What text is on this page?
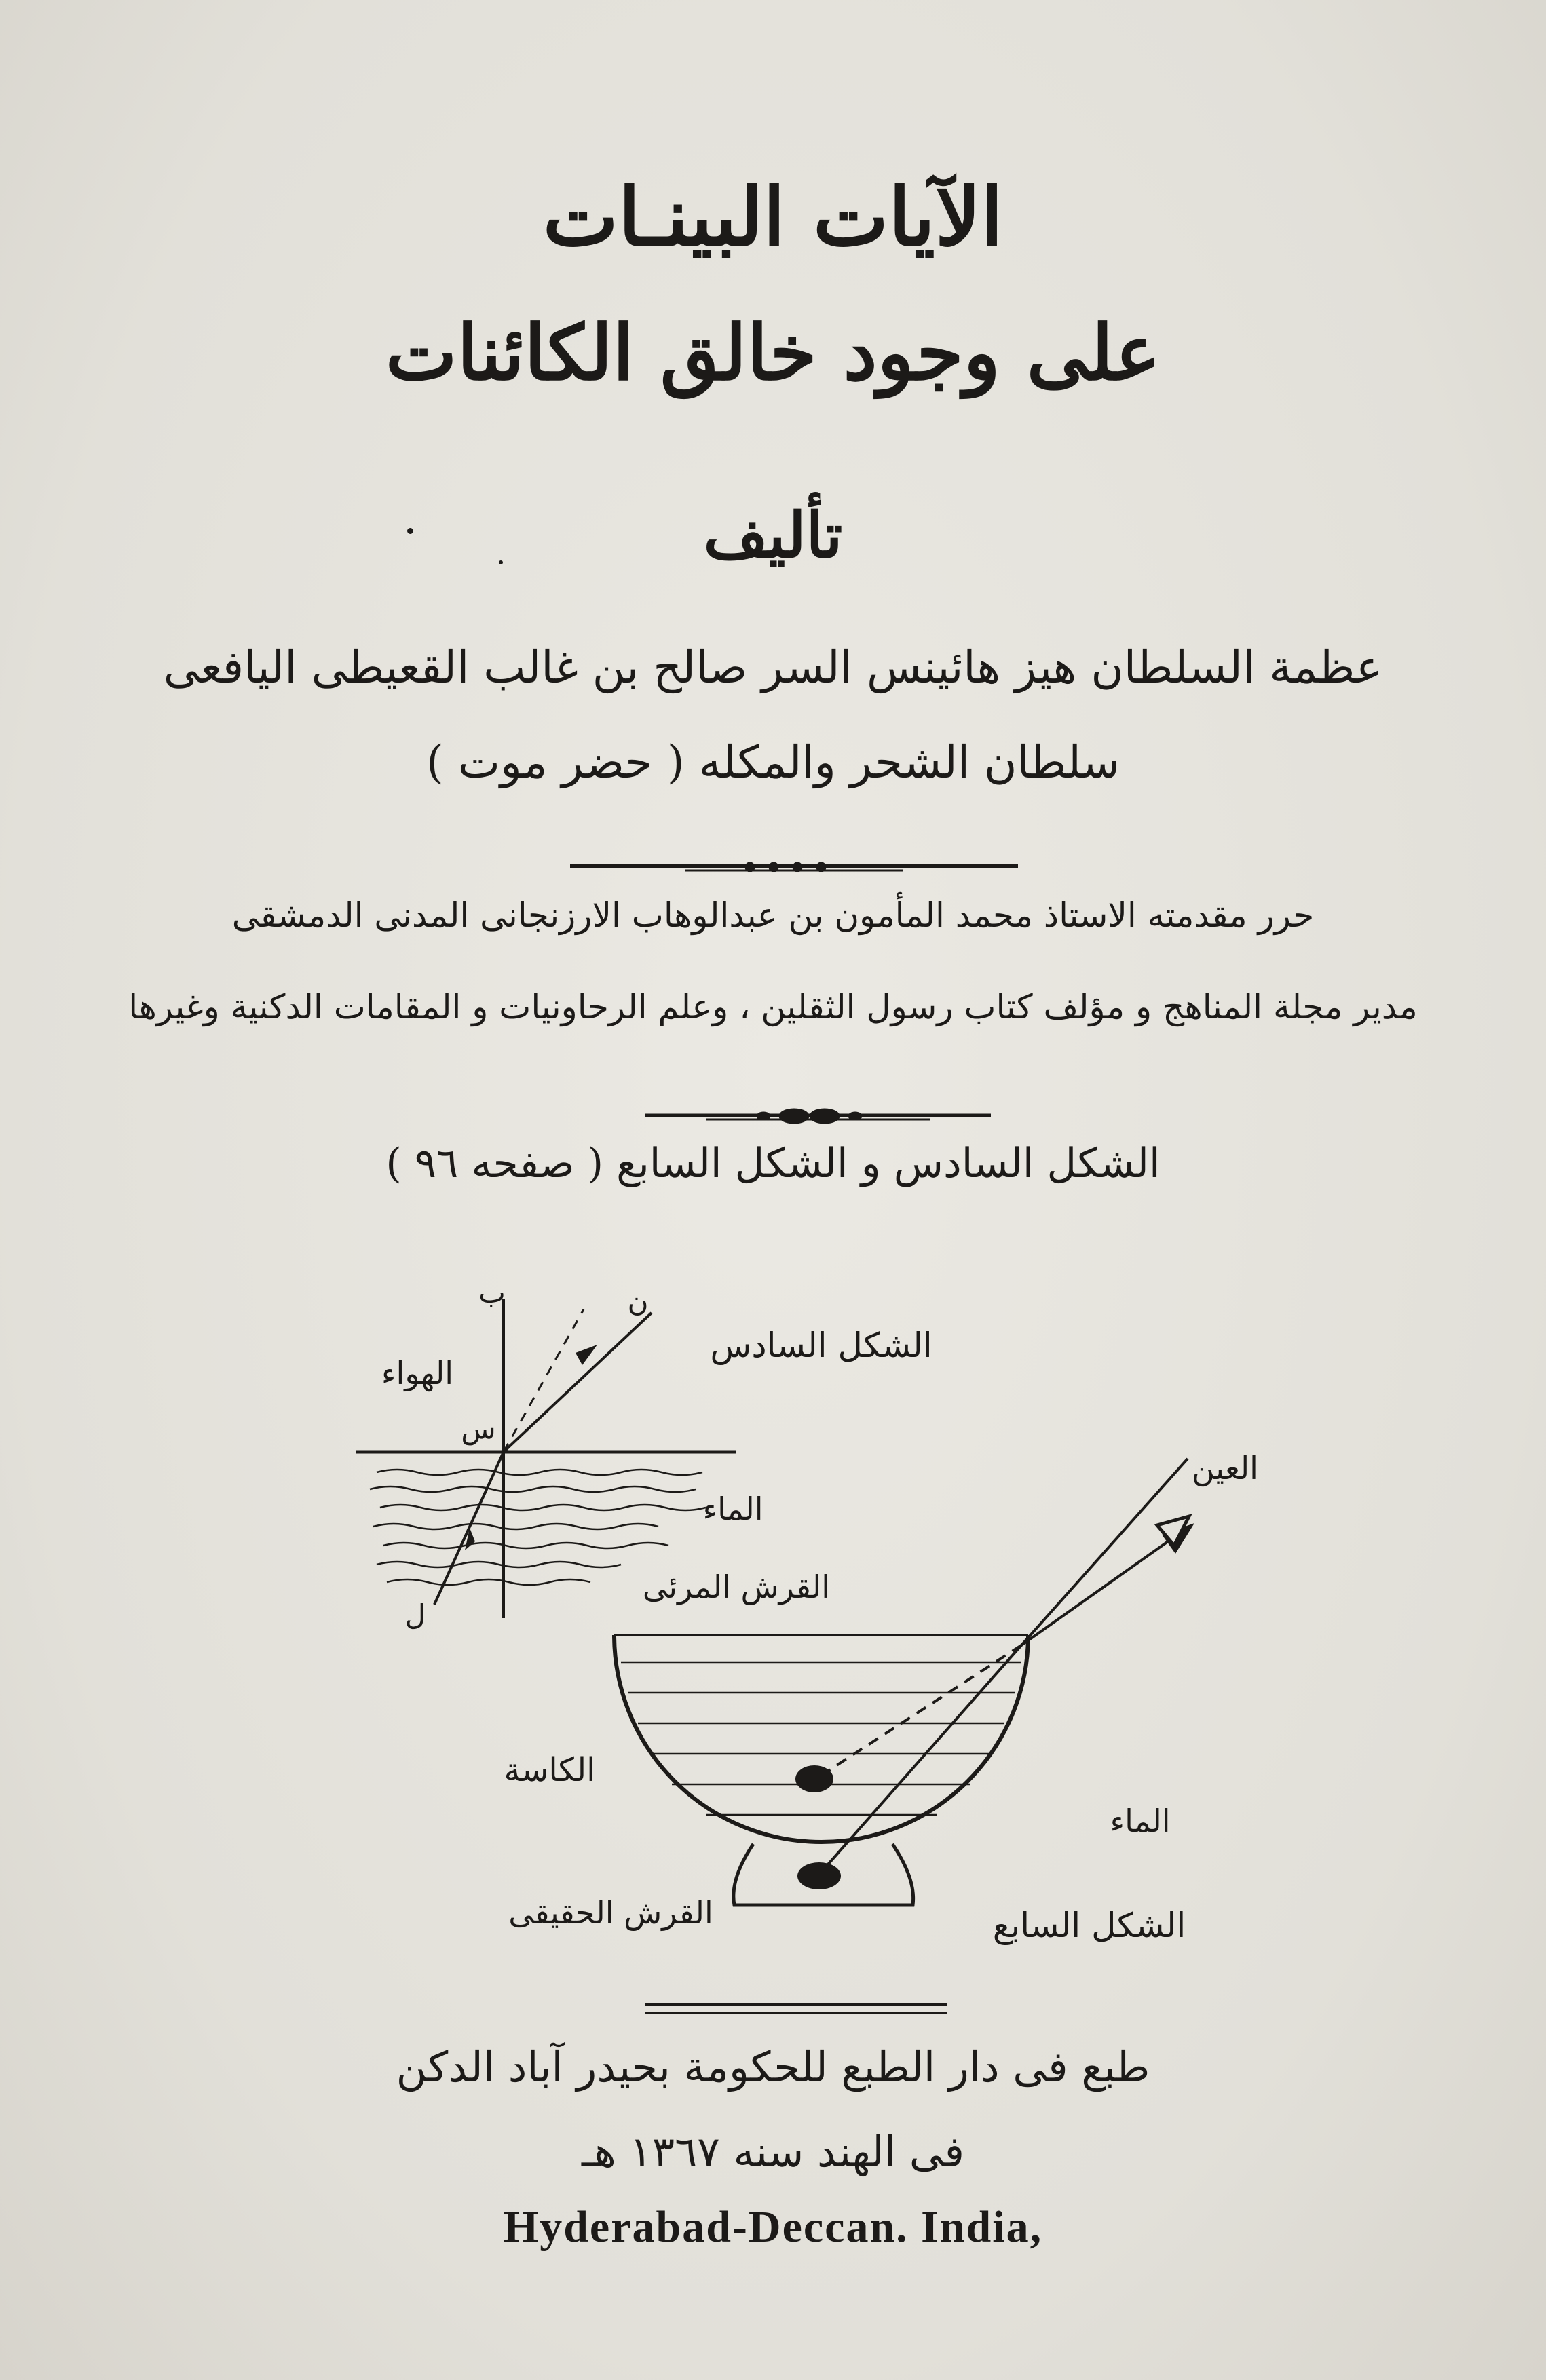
الآيات البينـات
على وجود خالق الكائنات
تأليف
عظمة السلطان هيز هائينس السر صالح بن غالب القعيطى اليافعى
سلطان الشحر والمكله ( حضر موت )
حرر مقدمته الاستاذ محمد المأمون بن عبدالوهاب الارزنجانى المدنى الدمشقى
مدير مجلة المناهج و مؤلف كتاب رسول الثقلين ، وعلم الرحاونيات و المقامات الدكنية وغيرها
الشكل السادس و الشكل السابع ( صفحه ٩٦ )
طبع فى دار الطبع للحكومة بحيدر آباد الدكن
فى الهند سنه ١٣٦٧ هـ
Hyderabad-Deccan. India,
ب	ن
س
ل
الهواء
الماء
الشكل السادس
العين
القرش المرئى
الكاسة
الماء
القرش الحقيقى	الشكل السابع
